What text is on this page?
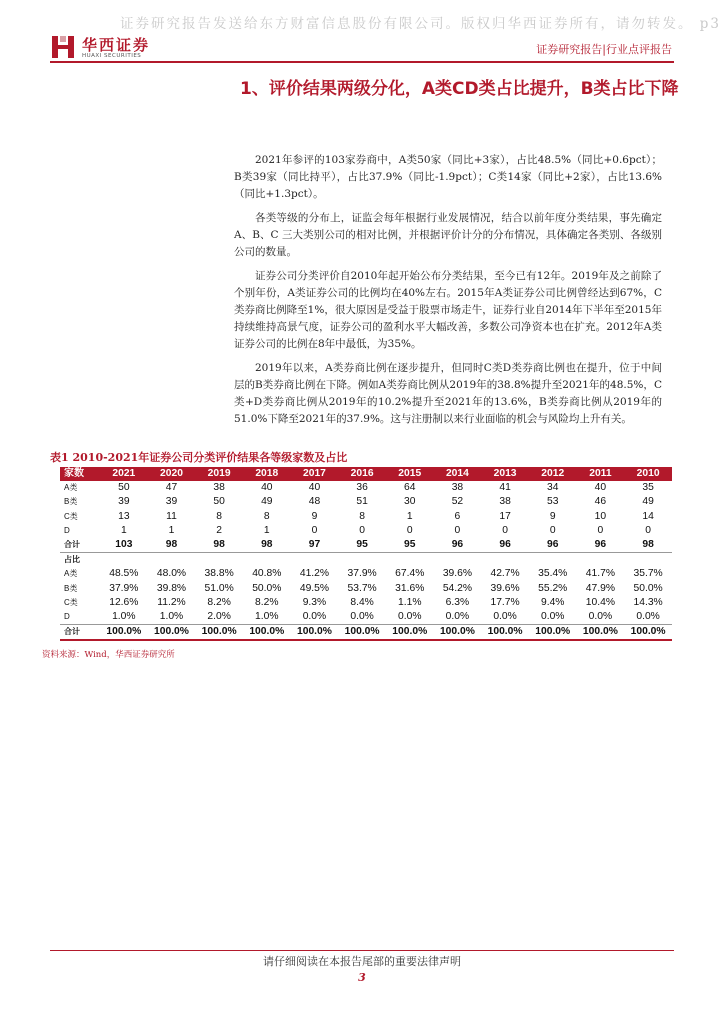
证券研究报告发送给东方财富信息股份有限公司。版权归华西证券所有，请勿转发。 p3
华西证券
HUAXI SECURITIES	证券研究报告|行业点评报告
1、评价结果两级分化，A类CD类占比提升，B类占比下降

2021年参评的103家券商中，A类50家（同比+3家），占比48.5%（同比+0.6pct）；B类39家（同比持平），占比37.9%（同比-1.9pct）；C类14家（同比+2家），占比13.6%（同比+1.3pct）。

各类等级的分布上，证监会每年根据行业发展情况，结合以前年度分类结果，事先确定A、B、C 三大类别公司的相对比例，并根据评价计分的分布情况，具体确定各类别、各级别公司的数量。

证券公司分类评价自2010年起开始公布分类结果，至今已有12年。2019年及之前除了个别年份，A类证券公司的比例均在40%左右。2015年A类证券公司比例曾经达到67%，C类券商比例降至1%，很大原因是受益于股票市场走牛，证券行业自2014年下半年至2015年持续维持高景气度，证券公司的盈利水平大幅改善，多数公司净资本也在扩充。2012年A类证券公司的比例在8年中最低，为35%。

2019年以来，A类券商比例在逐步提升，但同时C类D类券商比例也在提升，位于中间层的B类券商比例在下降。例如A类券商比例从2019年的38.8%提升至2021年的48.5%，C类+D类券商比例从2019年的10.2%提升至2021年的13.6%，B类券商比例从2019年的51.0%下降至2021年的37.9%。这与注册制以来行业面临的机会与风险均上升有关。

表1 2010-2021年证券公司分类评价结果各等级家数及占比
家数	2021	2020	2019	2018	2017	2016	2015	2014	2013	2012	2011	2010
A类	50	47	38	40	40	36	64	38	41	34	40	35
B类	39	39	50	49	48	51	30	52	38	53	46	49
C类	13	11	8	8	9	8	1	6	17	9	10	14
D	1	1	2	1	0	0	0	0	0	0	0	0
合计	103	98	98	98	97	95	95	96	96	96	96	98
占比												
A类	48.5%	48.0%	38.8%	40.8%	41.2%	37.9%	67.4%	39.6%	42.7%	35.4%	41.7%	35.7%
B类	37.9%	39.8%	51.0%	50.0%	49.5%	53.7%	31.6%	54.2%	39.6%	55.2%	47.9%	50.0%
C类	12.6%	11.2%	8.2%	8.2%	9.3%	8.4%	1.1%	6.3%	17.7%	9.4%	10.4%	14.3%
D	1.0%	1.0%	2.0%	1.0%	0.0%	0.0%	0.0%	0.0%	0.0%	0.0%	0.0%	0.0%
合计	100.0%	100.0%	100.0%	100.0%	100.0%	100.0%	100.0%	100.0%	100.0%	100.0%	100.0%	100.0%
资料来源：Wind，华西证券研究所
请仔细阅读在本报告尾部的重要法律声明
3
